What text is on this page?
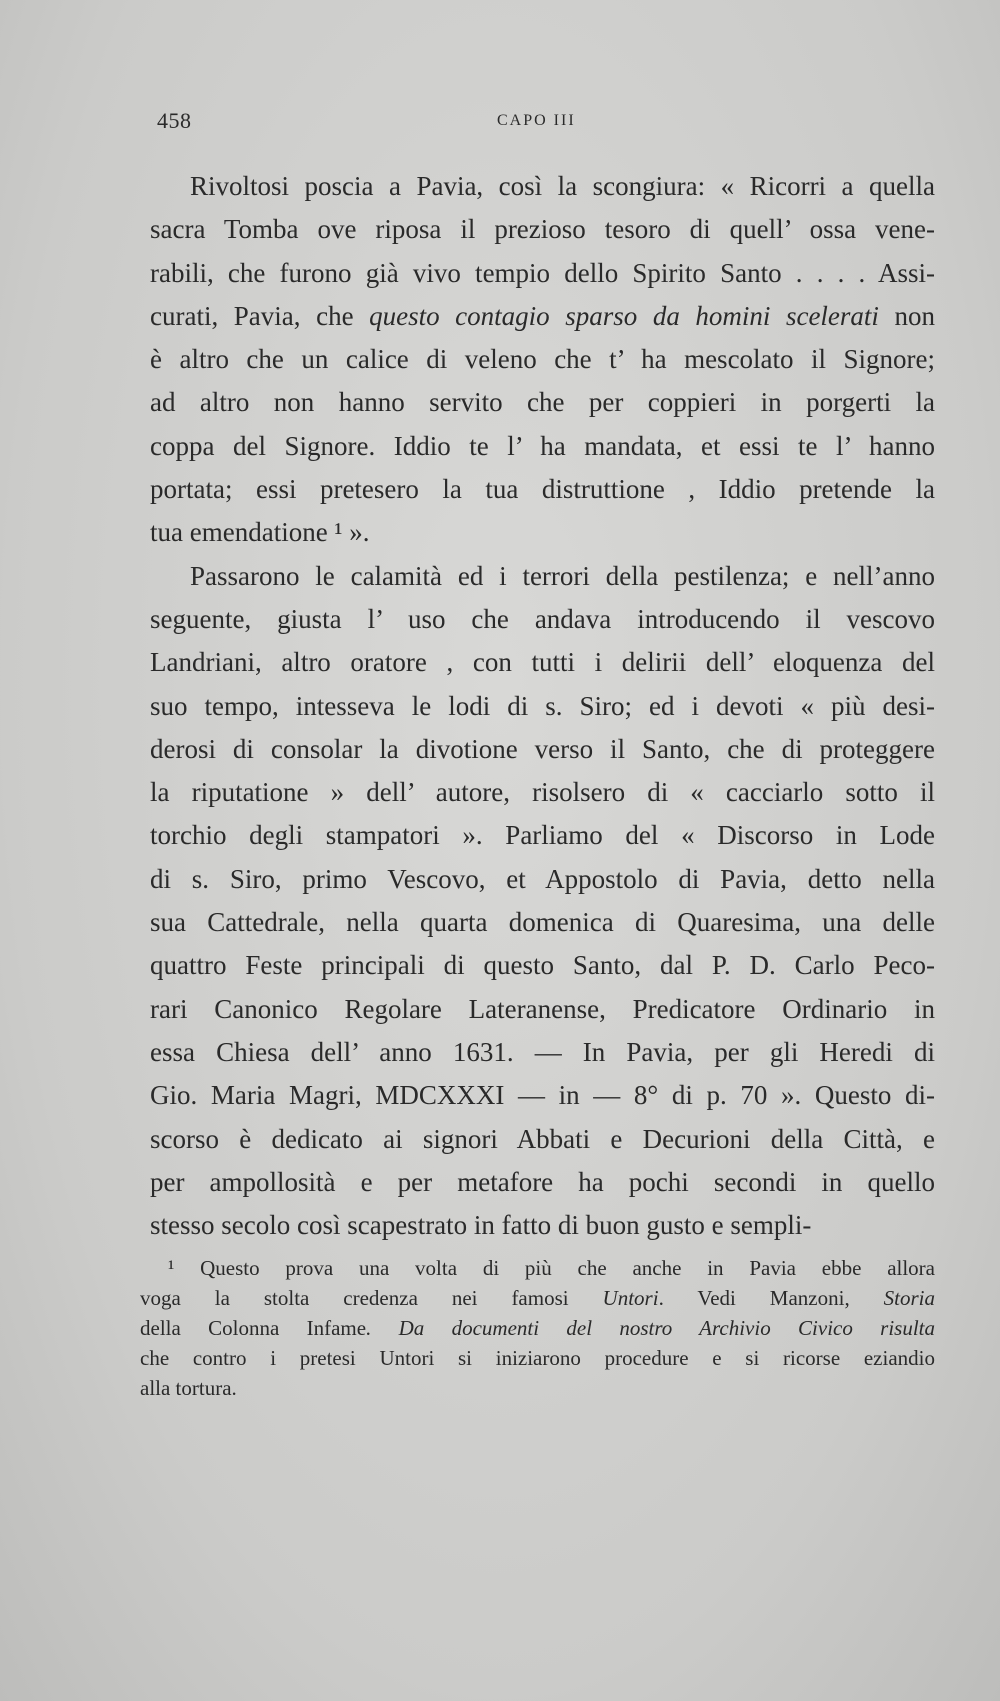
458	CAPO III
Rivoltosi poscia a Pavia, così la scongiura: « Ricorri a quella
sacra Tomba ove riposa il prezioso tesoro di quell’ ossa vene-
rabili, che furono già vivo tempio dello Spirito Santo . . . . Assi-
curati, Pavia, che questo contagio sparso da homini scelerati non
è altro che un calice di veleno che t’ ha mescolato il Signore;
ad altro non hanno servito che per coppieri in porgerti la
coppa del Signore. Iddio te l’ ha mandata, et essi te l’ hanno
portata; essi pretesero la tua distruttione , Iddio pretende la
tua emendatione ¹ ».
Passarono le calamità ed i terrori della pestilenza; e nell’anno
seguente, giusta l’ uso che andava introducendo il vescovo
Landriani, altro oratore , con tutti i delirii dell’ eloquenza del
suo tempo, intesseva le lodi di s. Siro; ed i devoti « più desi-
derosi di consolar la divotione verso il Santo, che di proteggere
la riputatione » dell’ autore, risolsero di « cacciarlo sotto il
torchio degli stampatori ». Parliamo del « Discorso in Lode
di s. Siro, primo Vescovo, et Appostolo di Pavia, detto nella
sua Cattedrale, nella quarta domenica di Quaresima, una delle
quattro Feste principali di questo Santo, dal P. D. Carlo Peco-
rari Canonico Regolare Lateranense, Predicatore Ordinario in
essa Chiesa dell’ anno 1631. — In Pavia, per gli Heredi di
Gio. Maria Magri, MDCXXXI — in — 8° di p. 70 ». Questo di-
scorso è dedicato ai signori Abbati e Decurioni della Città, e
per ampollosità e per metafore ha pochi secondi in quello
stesso secolo così scapestrato in fatto di buon gusto e sempli-
¹ Questo prova una volta di più che anche in Pavia ebbe allora
voga la stolta credenza nei famosi Untori. Vedi Manzoni, Storia
della Colonna Infame. Da documenti del nostro Archivio Civico risulta
che contro i pretesi Untori si iniziarono procedure e si ricorse eziandio
alla tortura.
